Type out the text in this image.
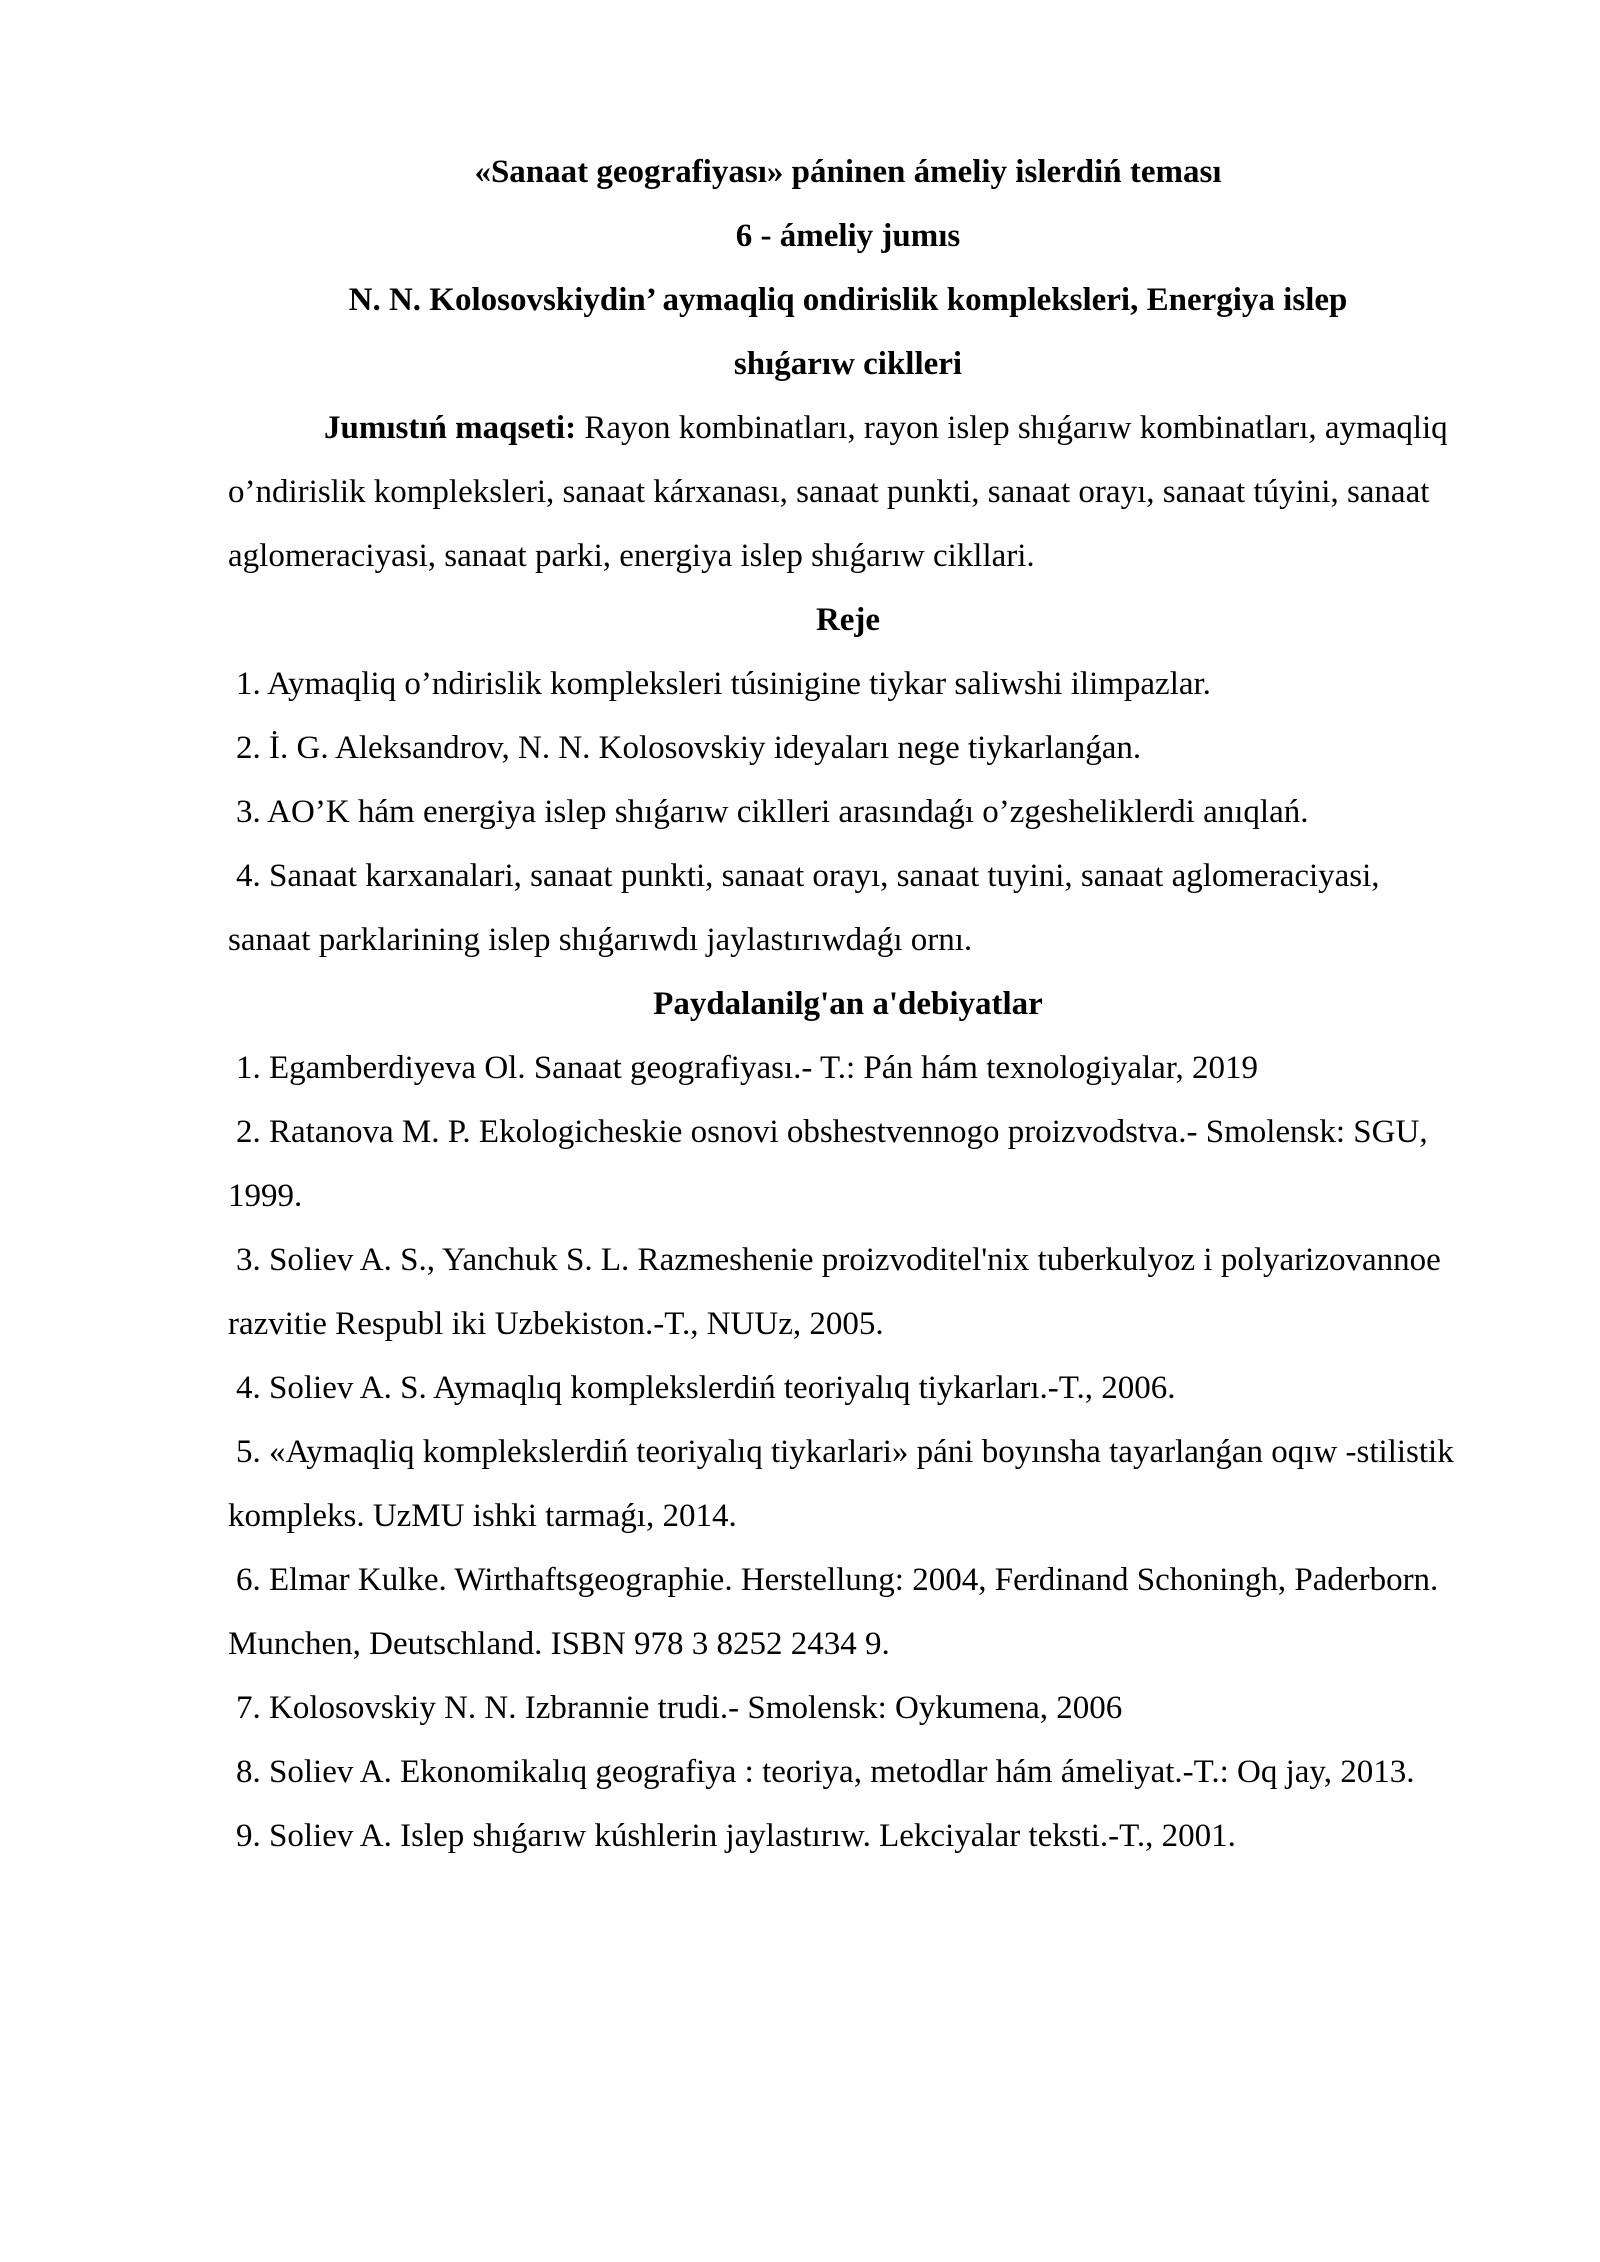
«Sanaat geografiyası» páninen ámeliy islerdiń teması
6 - ámeliy jumıs
N. N. Kolosovskiydin’ aymaqliq ondirislik kompleksleri, Energiya islep
shıǵarıw ciklleri

Jumıstıń maqseti: Rayon kombinatları, rayon islep shıǵarıw kombinatları, aymaqliq o’ndirislik kompleksleri, sanaat kárxanası, sanaat punkti, sanaat orayı, sanaat túyini, sanaat aglomeraciyasi, sanaat parki, energiya islep shıǵarıw cikllari.

Reje

1. Aymaqliq o’ndirislik kompleksleri túsinigine tiykar saliwshi ilimpazlar.

2. İ. G. Aleksandrov, N. N. Kolosovskiy ideyaları nege tiykarlanǵan.

3. AO’K hám energiya islep shıǵarıw ciklleri arasındaǵı o’zgesheliklerdi anıqlań.

4. Sanaat karxanalari, sanaat punkti, sanaat orayı, sanaat tuyini, sanaat aglomeraciyasi, sanaat parklarining islep shıǵarıwdı jaylastırıwdaǵı ornı.

Paydalanilg'an a'debiyatlar

1. Egamberdiyeva Ol. Sanaat geografiyası.- T.: Pán hám texnologiyalar, 2019

2. Ratanova M. P. Ekologicheskie osnovi obshestvennogo proizvodstva.- Smolensk: SGU, 1999.

3. Soliev A. S., Yanchuk S. L. Razmeshenie proizvoditel'nix tuberkulyoz i polyarizovannoe razvitie Respubl iki Uzbekiston.-T., NUUz, 2005.

4. Soliev A. S. Aymaqlıq komplekslerdiń teoriyalıq tiykarları.-T., 2006.

5. «Aymaqliq komplekslerdiń teoriyalıq tiykarlari» páni boyınsha tayarlanǵan oqıw -stilistik kompleks. UzMU ishki tarmaǵı, 2014.

6. Elmar Kulke. Wirthaftsgeographie. Herstellung: 2004, Ferdinand Schoningh, Paderborn. Munchen, Deutschland. ISBN 978 3 8252 2434 9.

7. Kolosovskiy N. N. Izbrannie trudi.- Smolensk: Oykumena, 2006

8. Soliev A. Ekonomikalıq geografiya : teoriya, metodlar hám ámeliyat.-T.: Oq jay, 2013.

9. Soliev A. Islep shıǵarıw kúshlerin jaylastırıw. Lekciyalar teksti.-T., 2001.
